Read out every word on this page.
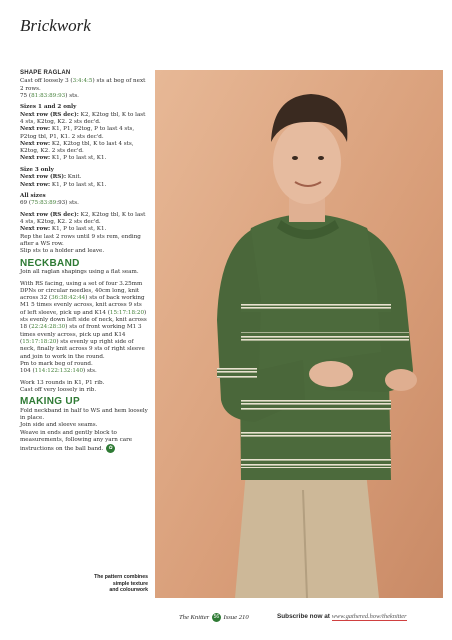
Brickwork
SHAPE RAGLAN

Cast off loosely 3 (3:4:4:5) sts at beg of next 2 rows.
75 (81:83:89:93) sts.

Sizes 1 and 2 only

Next row (RS dec): K2, K2tog tbl, K to last 4 sts, K2tog, K2. 2 sts dec'd.
Next row: K1, P1, P2tog, P to last 4 sts, P2tog tbl, P1, K1. 2 sts dec'd.
Next row: K2, K2tog tbl, K to last 4 sts, K2tog, K2. 2 sts dec'd.
Next row: K1, P to last st, K1.

Size 3 only

Next row (RS): Knit.
Next row: K1, P to last st, K1.

All sizes

69 (75:83:89:93) sts.

Next row (RS dec): K2, K2tog tbl, K to last 4 sts, K2tog, K2. 2 sts dec'd.
Next row: K1, P to last st, K1.
Rep the last 2 rows until 9 sts rem, ending after a WS row.
Slip sts to a holder and leave.

NECKBAND

Join all raglan shapings using a flat seam.

With RS facing, using a set of four 3.25mm DPNs or circular needles, 40cm long, knit across 32 (36:38:42:44) sts of back working M1 5 times evenly across, knit across 9 sts of left sleeve, pick up and K14 (15:17:18:20) sts evenly down left side of neck, knit across 18 (22:24:28:30) sts of front working M1 3 times evenly across, pick up and K14 (15:17:18:20) sts evenly up right side of neck, finally knit across 9 sts of right sleeve and join to work in the round.
Pm to mark beg of round.
104 (114:122:132:140) sts.

Work 13 rounds in K1, P1 rib.
Cast off very loosely in rib.

MAKING UP

Fold neckband in half to WS and hem loosely in place.
Join side and sleeve seams.
Weave in ends and gently block to measurements, following any yarn care instructions on the ball band. ✿

The pattern combines
simple texture
and colourwork
The Knitter 56 Issue 210	Subscribe now at www.gathered.how/theknitter
